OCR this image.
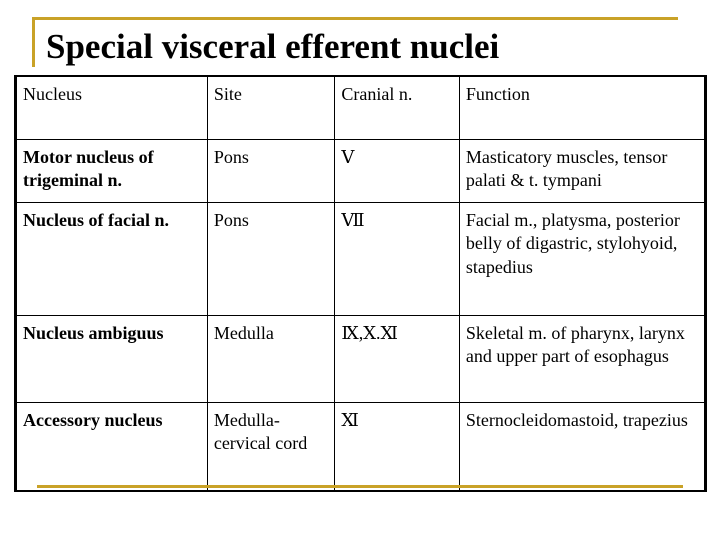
Special visceral efferent nuclei
Nucleus	Site	Cranial n.	Function
Motor nucleus of trigeminal n.	Pons	Ⅴ	Masticatory muscles, tensor palati & t. tympani
Nucleus of facial n.	Pons	Ⅶ	Facial m., platysma, posterior belly of digastric, stylohyoid, stapedius
Nucleus ambiguus	Medulla	Ⅸ,Ⅹ.Ⅺ	Skeletal m. of pharynx, larynx and upper part of esophagus
Accessory nucleus	Medulla-cervical cord	Ⅺ	Sternocleidomastoid, trapezius
